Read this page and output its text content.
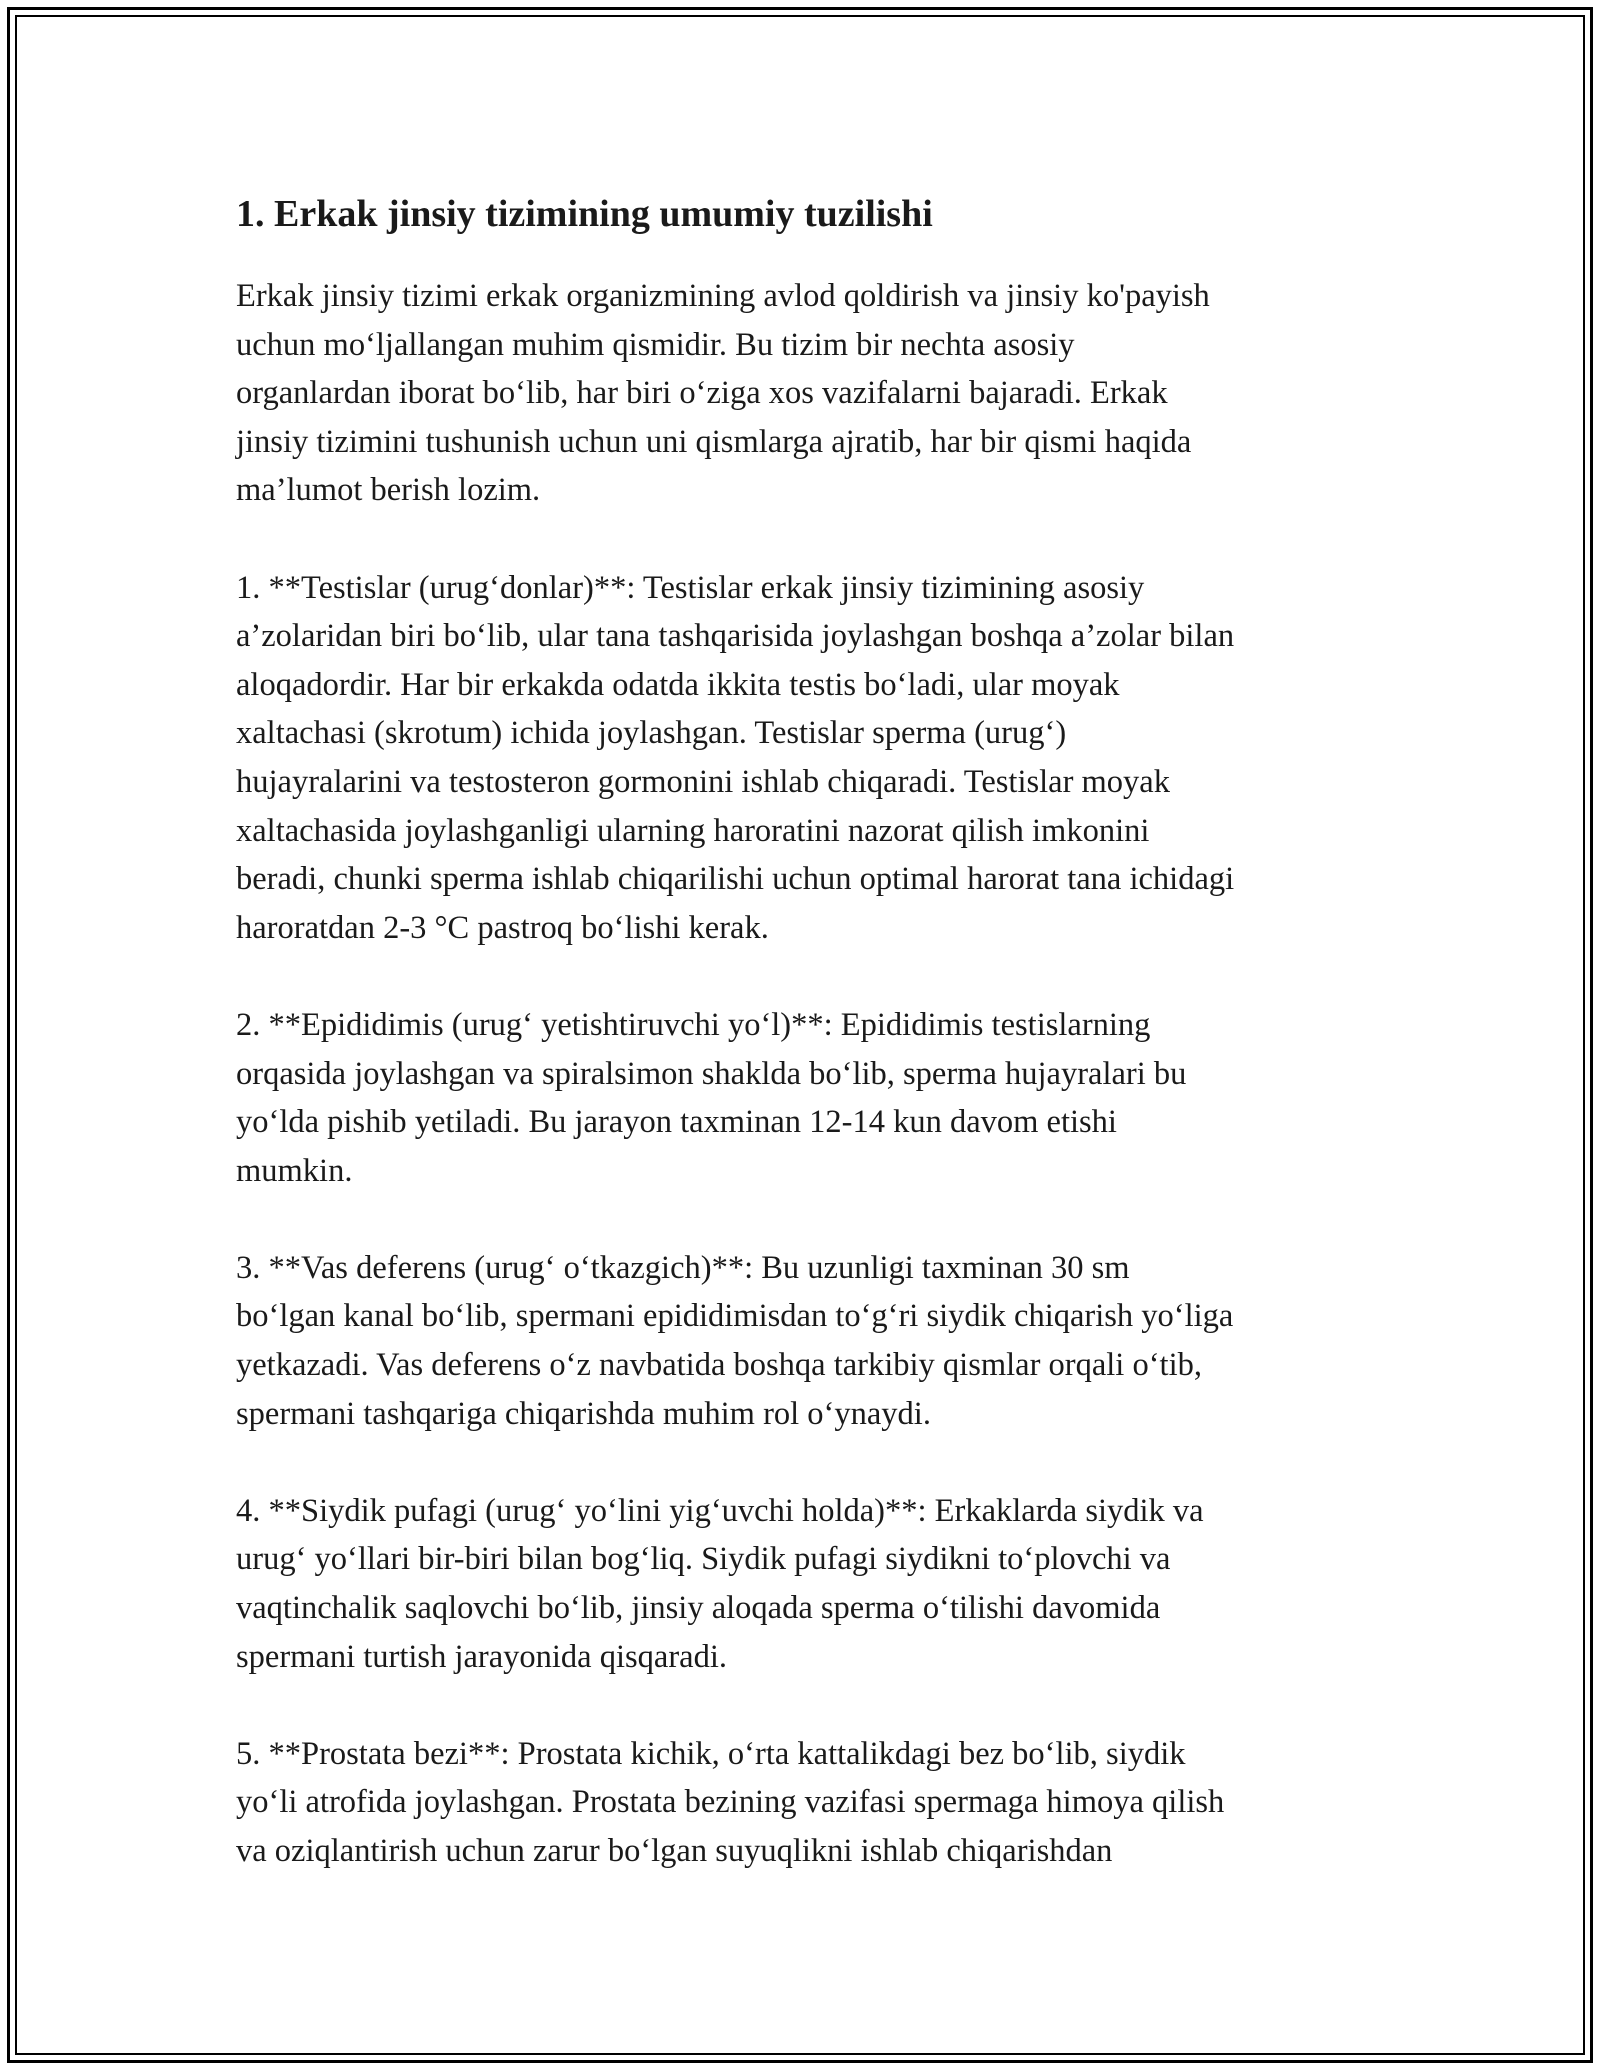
1. Erkak jinsiy tizimining umumiy tuzilishi

Erkak jinsiy tizimi erkak organizmining avlod qoldirish va jinsiy ko'payish
uchun mo‘ljallangan muhim qismidir. Bu tizim bir nechta asosiy
organlardan iborat bo‘lib, har biri o‘ziga xos vazifalarni bajaradi. Erkak
jinsiy tizimini tushunish uchun uni qismlarga ajratib, har bir qismi haqida
ma’lumot berish lozim.

1. **Testislar (urug‘donlar)**: Testislar erkak jinsiy tizimining asosiy
a’zolaridan biri bo‘lib, ular tana tashqarisida joylashgan boshqa a’zolar bilan
aloqadordir. Har bir erkakda odatda ikkita testis bo‘ladi, ular moyak
xaltachasi (skrotum) ichida joylashgan. Testislar sperma (urug‘)
hujayralarini va testosteron gormonini ishlab chiqaradi. Testislar moyak
xaltachasida joylashganligi ularning haroratini nazorat qilish imkonini
beradi, chunki sperma ishlab chiqarilishi uchun optimal harorat tana ichidagi
haroratdan 2-3 °C pastroq bo‘lishi kerak.

2. **Epididimis (urug‘ yetishtiruvchi yo‘l)**: Epididimis testislarning
orqasida joylashgan va spiralsimon shaklda bo‘lib, sperma hujayralari bu
yo‘lda pishib yetiladi. Bu jarayon taxminan 12-14 kun davom etishi
mumkin.

3. **Vas deferens (urug‘ o‘tkazgich)**: Bu uzunligi taxminan 30 sm
bo‘lgan kanal bo‘lib, spermani epididimisdan to‘g‘ri siydik chiqarish yo‘liga
yetkazadi. Vas deferens o‘z navbatida boshqa tarkibiy qismlar orqali o‘tib,
spermani tashqariga chiqarishda muhim rol o‘ynaydi.

4. **Siydik pufagi (urug‘ yo‘lini yig‘uvchi holda)**: Erkaklarda siydik va
urug‘ yo‘llari bir-biri bilan bog‘liq. Siydik pufagi siydikni to‘plovchi va
vaqtinchalik saqlovchi bo‘lib, jinsiy aloqada sperma o‘tilishi davomida
spermani turtish jarayonida qisqaradi.

5. **Prostata bezi**: Prostata kichik, o‘rta kattalikdagi bez bo‘lib, siydik
yo‘li atrofida joylashgan. Prostata bezining vazifasi spermaga himoya qilish
va oziqlantirish uchun zarur bo‘lgan suyuqlikni ishlab chiqarishdan
